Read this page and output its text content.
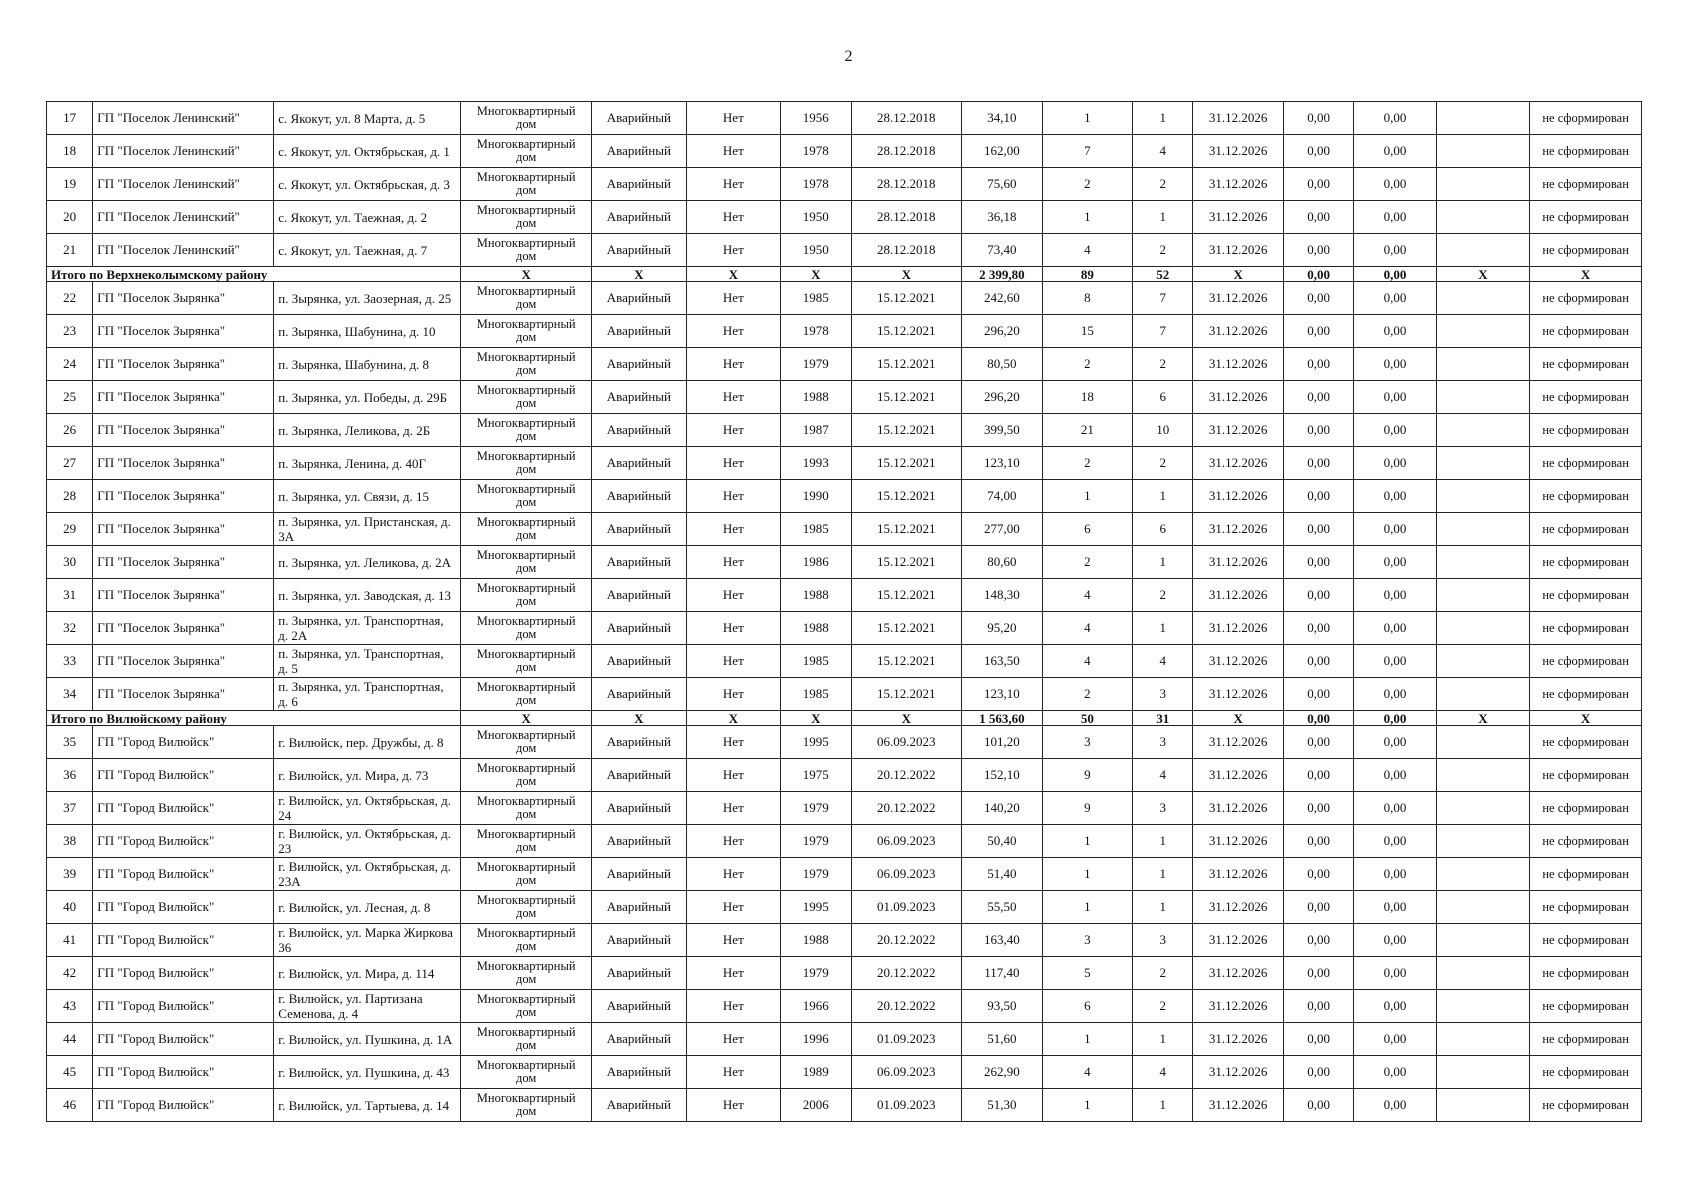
2
17	ГП "Поселок Ленинский"	с. Якокут, ул. 8 Марта, д. 5	Многоквартирный дом	Аварийный	Нет	1956	28.12.2018	34,10	1	1	31.12.2026	0,00	0,00		не сформирован
18	ГП "Поселок Ленинский"	с. Якокут, ул. Октябрьская, д. 1	Многоквартирный дом	Аварийный	Нет	1978	28.12.2018	162,00	7	4	31.12.2026	0,00	0,00		не сформирован
19	ГП "Поселок Ленинский"	с. Якокут, ул. Октябрьская, д. 3	Многоквартирный дом	Аварийный	Нет	1978	28.12.2018	75,60	2	2	31.12.2026	0,00	0,00		не сформирован
20	ГП "Поселок Ленинский"	с. Якокут, ул. Таежная, д. 2	Многоквартирный дом	Аварийный	Нет	1950	28.12.2018	36,18	1	1	31.12.2026	0,00	0,00		не сформирован
21	ГП "Поселок Ленинский"	с. Якокут, ул. Таежная, д. 7	Многоквартирный дом	Аварийный	Нет	1950	28.12.2018	73,40	4	2	31.12.2026	0,00	0,00		не сформирован
Итого по Верхнеколымскому району			X	X	X	X	X	2 399,80	89	52	X	0,00	0,00	X	X
22	ГП "Поселок Зырянка"	п. Зырянка, ул. Заозерная, д. 25	Многоквартирный дом	Аварийный	Нет	1985	15.12.2021	242,60	8	7	31.12.2026	0,00	0,00		не сформирован
23	ГП "Поселок Зырянка"	п. Зырянка, Шабунина, д. 10	Многоквартирный дом	Аварийный	Нет	1978	15.12.2021	296,20	15	7	31.12.2026	0,00	0,00		не сформирован
24	ГП "Поселок Зырянка"	п. Зырянка, Шабунина, д. 8	Многоквартирный дом	Аварийный	Нет	1979	15.12.2021	80,50	2	2	31.12.2026	0,00	0,00		не сформирован
25	ГП "Поселок Зырянка"	п. Зырянка, ул. Победы, д. 29Б	Многоквартирный дом	Аварийный	Нет	1988	15.12.2021	296,20	18	6	31.12.2026	0,00	0,00		не сформирован
26	ГП "Поселок Зырянка"	п. Зырянка, Леликова, д. 2Б	Многоквартирный дом	Аварийный	Нет	1987	15.12.2021	399,50	21	10	31.12.2026	0,00	0,00		не сформирован
27	ГП "Поселок Зырянка"	п. Зырянка, Ленина, д. 40Г	Многоквартирный дом	Аварийный	Нет	1993	15.12.2021	123,10	2	2	31.12.2026	0,00	0,00		не сформирован
28	ГП "Поселок Зырянка"	п. Зырянка, ул. Связи, д. 15	Многоквартирный дом	Аварийный	Нет	1990	15.12.2021	74,00	1	1	31.12.2026	0,00	0,00		не сформирован
29	ГП "Поселок Зырянка"	п. Зырянка, ул. Пристанская, д. 3А	Многоквартирный дом	Аварийный	Нет	1985	15.12.2021	277,00	6	6	31.12.2026	0,00	0,00		не сформирован
30	ГП "Поселок Зырянка"	п. Зырянка, ул. Леликова, д. 2А	Многоквартирный дом	Аварийный	Нет	1986	15.12.2021	80,60	2	1	31.12.2026	0,00	0,00		не сформирован
31	ГП "Поселок Зырянка"	п. Зырянка, ул. Заводская, д. 13	Многоквартирный дом	Аварийный	Нет	1988	15.12.2021	148,30	4	2	31.12.2026	0,00	0,00		не сформирован
32	ГП "Поселок Зырянка"	п. Зырянка, ул. Транспортная, д. 2А	Многоквартирный дом	Аварийный	Нет	1988	15.12.2021	95,20	4	1	31.12.2026	0,00	0,00		не сформирован
33	ГП "Поселок Зырянка"	п. Зырянка, ул. Транспортная, д. 5	Многоквартирный дом	Аварийный	Нет	1985	15.12.2021	163,50	4	4	31.12.2026	0,00	0,00		не сформирован
34	ГП "Поселок Зырянка"	п. Зырянка, ул. Транспортная, д. 6	Многоквартирный дом	Аварийный	Нет	1985	15.12.2021	123,10	2	3	31.12.2026	0,00	0,00		не сформирован
Итого по Вилюйскому району			X	X	X	X	X	1 563,60	50	31	X	0,00	0,00	X	X
35	ГП "Город Вилюйск"	г. Вилюйск, пер. Дружбы, д. 8	Многоквартирный дом	Аварийный	Нет	1995	06.09.2023	101,20	3	3	31.12.2026	0,00	0,00		не сформирован
36	ГП "Город Вилюйск"	г. Вилюйск, ул. Мира, д. 73	Многоквартирный дом	Аварийный	Нет	1975	20.12.2022	152,10	9	4	31.12.2026	0,00	0,00		не сформирован
37	ГП "Город Вилюйск"	г. Вилюйск, ул. Октябрьская, д. 24	Многоквартирный дом	Аварийный	Нет	1979	20.12.2022	140,20	9	3	31.12.2026	0,00	0,00		не сформирован
38	ГП "Город Вилюйск"	г. Вилюйск, ул. Октябрьская, д. 23	Многоквартирный дом	Аварийный	Нет	1979	06.09.2023	50,40	1	1	31.12.2026	0,00	0,00		не сформирован
39	ГП "Город Вилюйск"	г. Вилюйск, ул. Октябрьская, д. 23А	Многоквартирный дом	Аварийный	Нет	1979	06.09.2023	51,40	1	1	31.12.2026	0,00	0,00		не сформирован
40	ГП "Город Вилюйск"	г. Вилюйск, ул. Лесная, д. 8	Многоквартирный дом	Аварийный	Нет	1995	01.09.2023	55,50	1	1	31.12.2026	0,00	0,00		не сформирован
41	ГП "Город Вилюйск"	г. Вилюйск, ул. Марка Жиркова 36	Многоквартирный дом	Аварийный	Нет	1988	20.12.2022	163,40	3	3	31.12.2026	0,00	0,00		не сформирован
42	ГП "Город Вилюйск"	г. Вилюйск, ул. Мира, д. 114	Многоквартирный дом	Аварийный	Нет	1979	20.12.2022	117,40	5	2	31.12.2026	0,00	0,00		не сформирован
43	ГП "Город Вилюйск"	г. Вилюйск, ул. Партизана Семенова, д. 4	Многоквартирный дом	Аварийный	Нет	1966	20.12.2022	93,50	6	2	31.12.2026	0,00	0,00		не сформирован
44	ГП "Город Вилюйск"	г. Вилюйск, ул. Пушкина, д. 1А	Многоквартирный дом	Аварийный	Нет	1996	01.09.2023	51,60	1	1	31.12.2026	0,00	0,00		не сформирован
45	ГП "Город Вилюйск"	г. Вилюйск, ул. Пушкина, д. 43	Многоквартирный дом	Аварийный	Нет	1989	06.09.2023	262,90	4	4	31.12.2026	0,00	0,00		не сформирован
46	ГП "Город Вилюйск"	г. Вилюйск, ул. Тартыева, д. 14	Многоквартирный дом	Аварийный	Нет	2006	01.09.2023	51,30	1	1	31.12.2026	0,00	0,00		не сформирован
